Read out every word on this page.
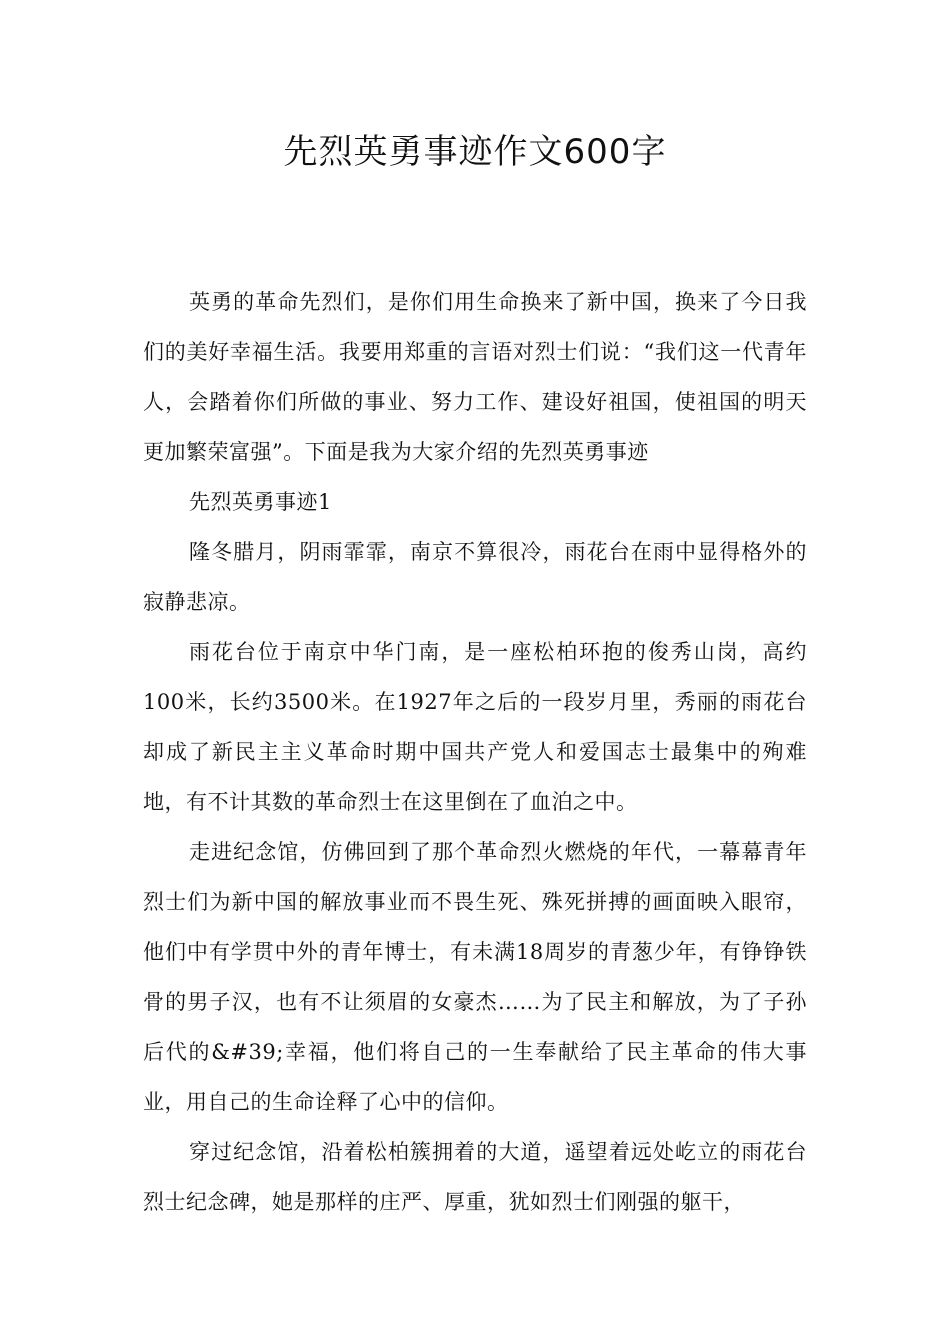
先烈英勇事迹作文600字

英勇的革命先烈们，是你们用生命换来了新中国，换来了今日我们的美好幸福生活。我要用郑重的言语对烈士们说：“我们这一代青年人，会踏着你们所做的事业、努力工作、建设好祖国，使祖国的明天更加繁荣富强”。下面是我为大家介绍的先烈英勇事迹

先烈英勇事迹1

隆冬腊月，阴雨霏霏，南京不算很冷，雨花台在雨中显得格外的寂静悲凉。

雨花台位于南京中华门南，是一座松柏环抱的俊秀山岗，高约100米，长约3500米。在1927年之后的一段岁月里，秀丽的雨花台却成了新民主主义革命时期中国共产党人和爱国志士最集中的殉难地，有不计其数的革命烈士在这里倒在了血泊之中。

走进纪念馆，仿佛回到了那个革命烈火燃烧的年代，一幕幕青年烈士们为新中国的解放事业而不畏生死、殊死拼搏的画面映入眼帘，他们中有学贯中外的青年博士，有未满18周岁的青葱少年，有铮铮铁骨的男子汉，也有不让须眉的女豪杰……为了民主和解放，为了子孙后代的&#39;幸福，他们将自己的一生奉献给了民主革命的伟大事业，用自己的生命诠释了心中的信仰。

穿过纪念馆，沿着松柏簇拥着的大道，遥望着远处屹立的雨花台烈士纪念碑，她是那样的庄严、厚重，犹如烈士们刚强的躯干，
